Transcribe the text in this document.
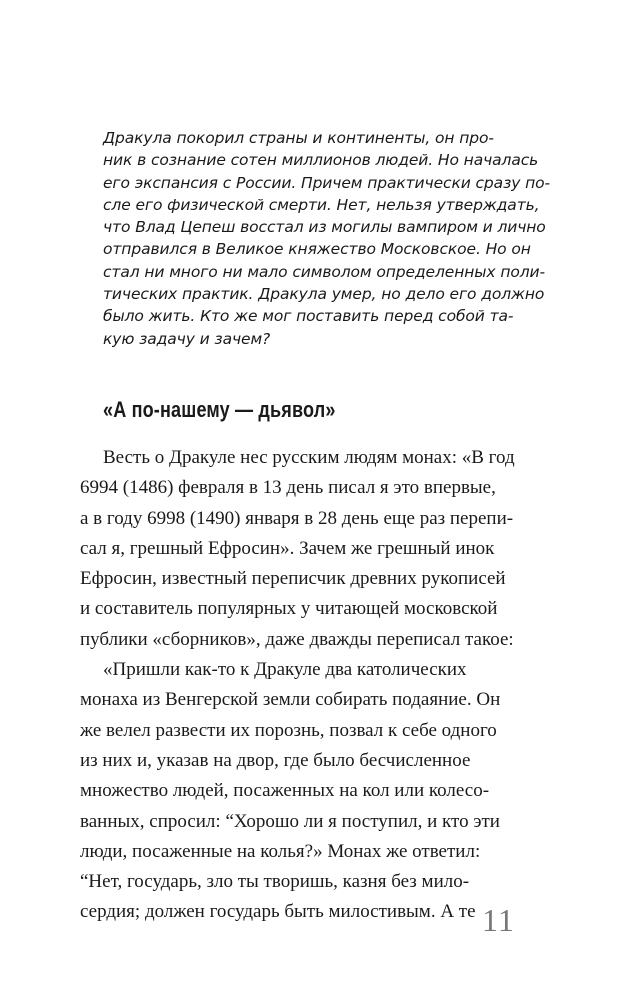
Дракула покорил страны и континенты, он про-
ник в сознание сотен миллионов людей. Но началась
его экспансия с России. Причем практически сразу по-
сле его физической смерти. Нет, нельзя утверждать,
что Влад Цепеш восстал из могилы вампиром и лично
отправился в Великое княжество Московское. Но он
стал ни много ни мало символом определенных поли-
тических практик. Дракула умер, но дело его должно
было жить. Кто же мог поставить перед собой та-
кую задачу и зачем?
«А по-нашему — дьявол»
Весть о Дракуле нес русским людям монах: «В год
6994 (1486) февраля в 13 день писал я это впервые,
а в году 6998 (1490) января в 28 день еще раз перепи-
сал я, грешный Ефросин». Зачем же грешный инок
Ефросин, известный переписчик древних рукописей
и составитель популярных у читающей московской
публики «сборников», даже дважды переписал такое:
«Пришли как-то к Дракуле два католических
монаха из Венгерской земли собирать подаяние. Он
же велел развести их порознь, позвал к себе одного
из них и, указав на двор, где было бесчисленное
множество людей, посаженных на кол или колесо-
ванных, спросил: “Хорошо ли я поступил, и кто эти
люди, посаженные на колья?» Монах же ответил:
“Нет, государь, зло ты творишь, казня без мило-
сердия; должен государь быть милостивым. А те 11
